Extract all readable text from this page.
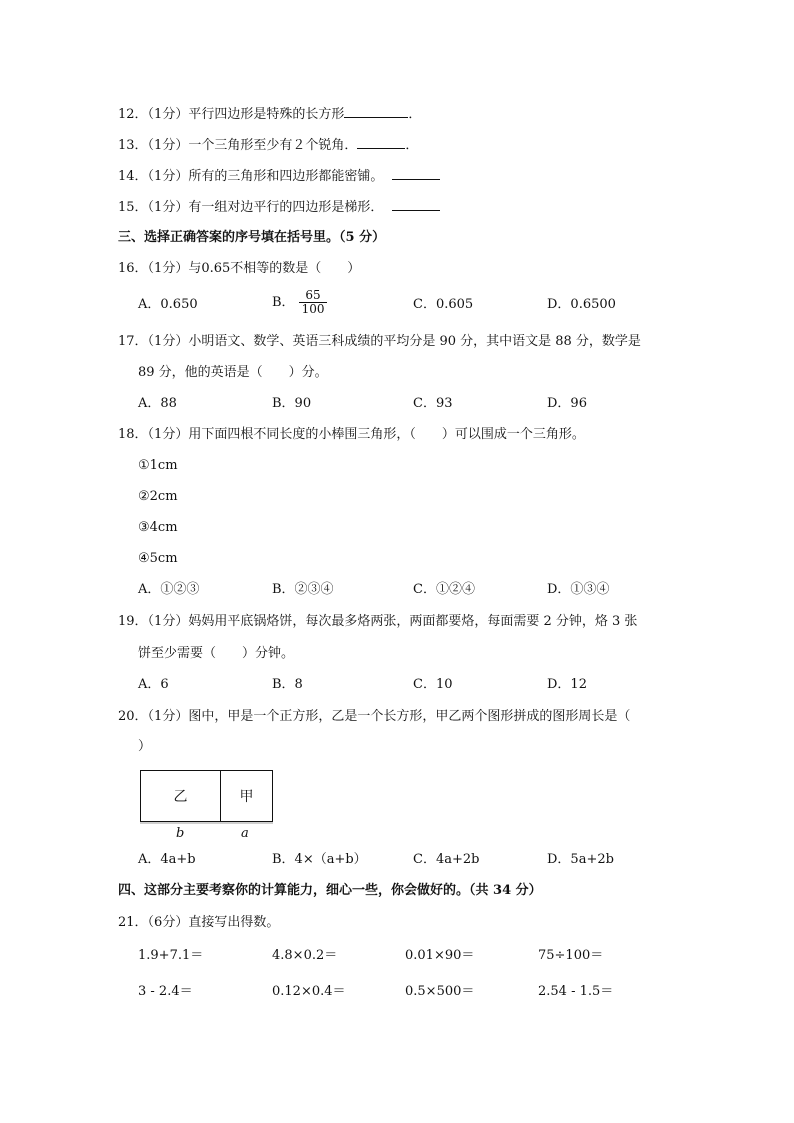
12．（1分）平行四边形是特殊的长方形	．
13．（1分）一个三角形至少有２个锐角．	．
14．（1分）所有的三角形和四边形都能密铺。
15．（1分）有一组对边平行的四边形是梯形．
三、选择正确答案的序号填在括号里。（5 分）
16．（1分）与0.65不相等的数是（　　）
A．0.650	B． $\frac{65}{100}$	C．0.605	D．0.6500
17．（1分）小明语文、数学、英语三科成绩的平均分是 90 分，其中语文是 88 分，数学是
89 分，他的英语是（　　）分。
A．88	B．90	C．93	D．96
18．（1分）用下面四根不同长度的小棒围三角形，（　　）可以围成一个三角形。
①1cm
②2cm
③4cm
④5cm
A．①②③	B．②③④	C．①②④	D．①③④
19．（1分）妈妈用平底锅烙饼，每次最多烙两张，两面都要烙，每面需要 2 分钟，烙 3 张
饼至少需要（　　）分钟。
A．6	B．8	C．10	D．12
20．（1分）图中，甲是一个正方形，乙是一个长方形，甲乙两个图形拼成的图形周长是（
）
乙	甲
b	a
A．4a+b	B．4×（a+b）	C．4a+2b	D．5a+2b
四、这部分主要考察你的计算能力，细心一些，你会做好的。（共 34 分）
21．（6分）直接写出得数。
1.9+7.1＝	4.8×0.2＝	0.01×90＝	75÷100＝
3 - 2.4＝	0.12×0.4＝	0.5×500＝	2.54 - 1.5＝
